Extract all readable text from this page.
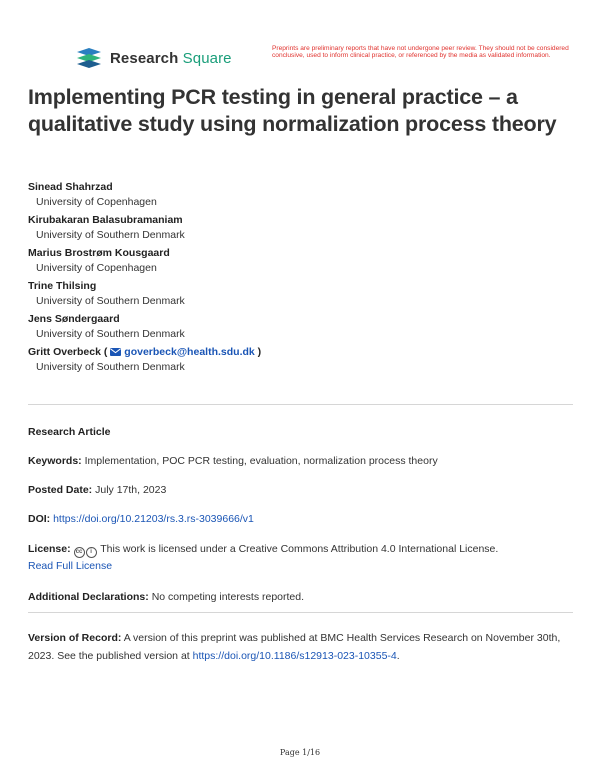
Research Square
Preprints are preliminary reports that have not undergone peer review. They should not be considered conclusive, used to inform clinical practice, or referenced by the media as validated information.
Implementing PCR testing in general practice – a qualitative study using normalization process theory
Sinead Shahrzad
University of Copenhagen
Kirubakaran Balasubramaniam
University of Southern Denmark
Marius Brostrøm Kousgaard
University of Copenhagen
Trine Thilsing
University of Southern Denmark
Jens Søndergaard
University of Southern Denmark
Gritt Overbeck ( goverbeck@health.sdu.dk )
University of Southern Denmark
Research Article
Keywords: Implementation, POC PCR testing, evaluation, normalization process theory
Posted Date: July 17th, 2023
DOI: https://doi.org/10.21203/rs.3.rs-3039666/v1
License: cc i This work is licensed under a Creative Commons Attribution 4.0 International License.
Read Full License
Additional Declarations: No competing interests reported.
Version of Record: A version of this preprint was published at BMC Health Services Research on November 30th, 2023. See the published version at https://doi.org/10.1186/s12913-023-10355-4.
Page 1/16
